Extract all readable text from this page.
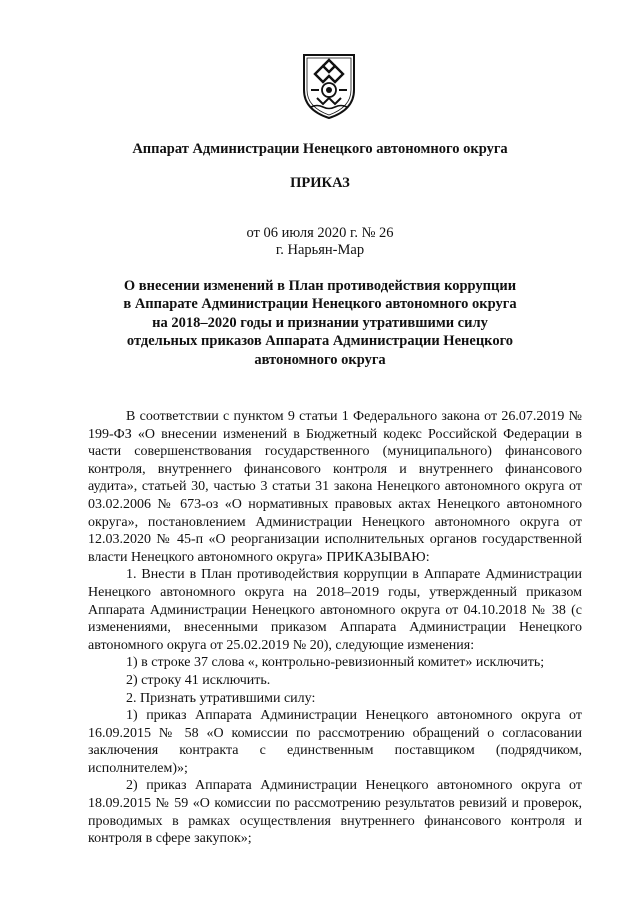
Аппарат Администрации Ненецкого автономного округа
ПРИКАЗ
от 06 июля 2020 г. № 26
г. Нарьян-Мар
О внесении изменений в План противодействия коррупции в Аппарате Администрации Ненецкого автономного округа на 2018–2020 годы и признании утратившими силу отдельных приказов Аппарата Администрации Ненецкого автономного округа

В соответствии с пунктом 9 статьи 1 Федерального закона от 26.07.2019 № 199-ФЗ «О внесении изменений в Бюджетный кодекс Российской Федерации в части совершенствования государственного (муниципального) финансового контроля, внутреннего финансового контроля и внутреннего финансового аудита», статьей 30, частью 3 статьи 31 закона Ненецкого автономного округа от 03.02.2006 № 673-оз «О нормативных правовых актах Ненецкого автономного округа», постановлением Администрации Ненецкого автономного округа от 12.03.2020 № 45-п «О реорганизации исполнительных органов государственной власти Ненецкого автономного округа» ПРИКАЗЫВАЮ:

1. Внести в План противодействия коррупции в Аппарате Администрации Ненецкого автономного округа на 2018–2019 годы, утвержденный приказом Аппарата Администрации Ненецкого автономного округа от 04.10.2018 № 38 (с изменениями, внесенными приказом Аппарата Администрации Ненецкого автономного округа от 25.02.2019 № 20), следующие изменения:

1) в строке 37 слова «, контрольно-ревизионный комитет» исключить;

2) строку 41 исключить.

2. Признать утратившими силу:

1) приказ Аппарата Администрации Ненецкого автономного округа от 16.09.2015 № 58 «О комиссии по рассмотрению обращений о согласовании заключения контракта с единственным поставщиком (подрядчиком, исполнителем)»;

2) приказ Аппарата Администрации Ненецкого автономного округа от 18.09.2015 № 59 «О комиссии по рассмотрению результатов ревизий и проверок, проводимых в рамках осуществления внутреннего финансового контроля и контроля в сфере закупок»;
